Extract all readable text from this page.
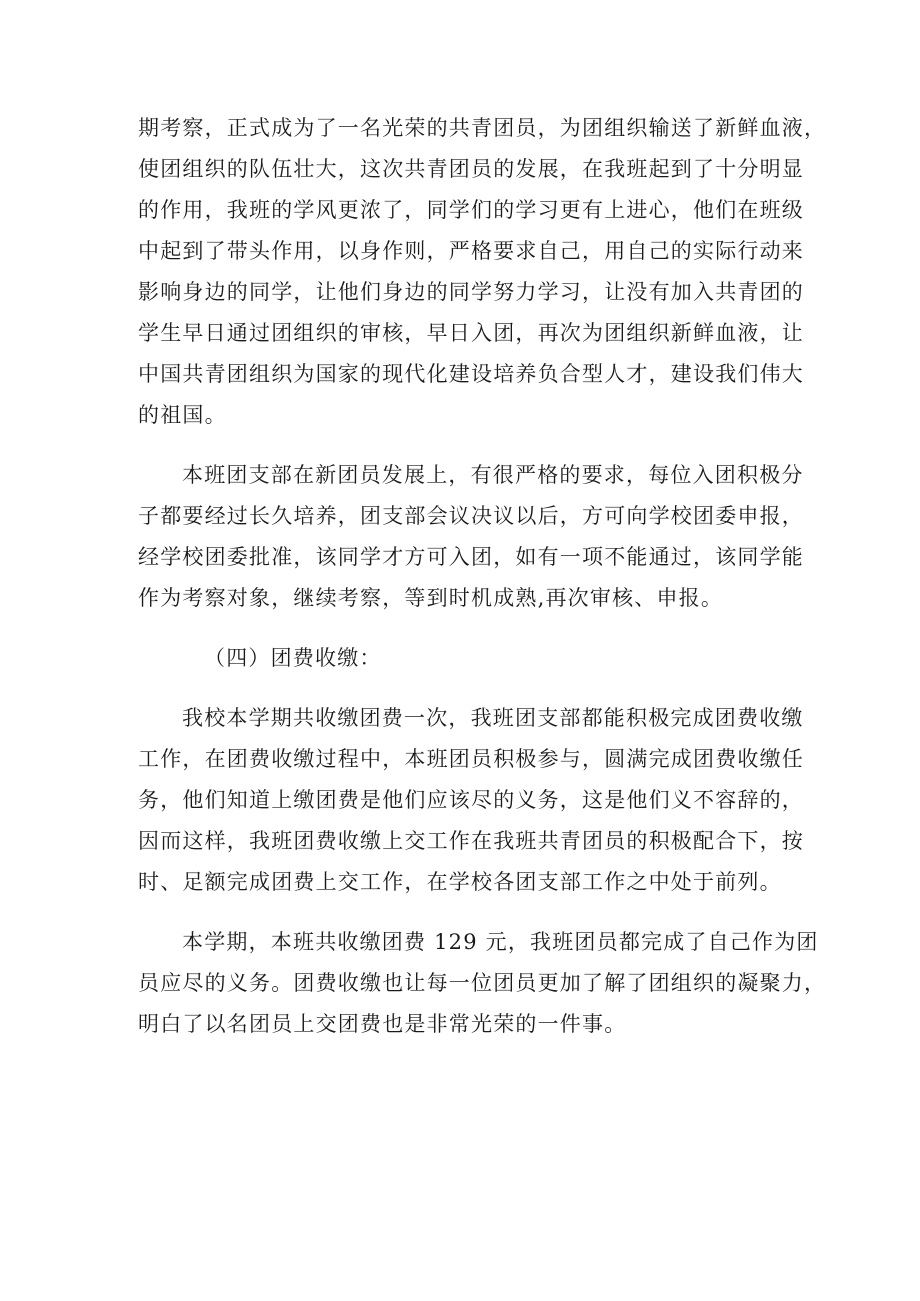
期考察，正式成为了一名光荣的共青团员，为团组织输送了新鲜血液，
使团组织的队伍壮大，这次共青团员的发展，在我班起到了十分明显
的作用，我班的学风更浓了，同学们的学习更有上进心，他们在班级
中起到了带头作用，以身作则，严格要求自己，用自己的实际行动来
影响身边的同学，让他们身边的同学努力学习，让没有加入共青团的
学生早日通过团组织的审核，早日入团，再次为团组织新鲜血液，让
中国共青团组织为国家的现代化建设培养负合型人才，建设我们伟大
的祖国。
本班团支部在新团员发展上，有很严格的要求，每位入团积极分
子都要经过长久培养，团支部会议决议以后，方可向学校团委申报，
经学校团委批准，该同学才方可入团，如有一项不能通过，该同学能
作为考察对象，继续考察，等到时机成熟,再次审核、申报。
（四）团费收缴：
我校本学期共收缴团费一次，我班团支部都能积极完成团费收缴
工作，在团费收缴过程中，本班团员积极参与，圆满完成团费收缴任
务，他们知道上缴团费是他们应该尽的义务，这是他们义不容辞的，
因而这样，我班团费收缴上交工作在我班共青团员的积极配合下，按
时、足额完成团费上交工作，在学校各团支部工作之中处于前列。
本学期，本班共收缴团费 129 元，我班团员都完成了自己作为团
员应尽的义务。团费收缴也让每一位团员更加了解了团组织的凝聚力，
明白了以名团员上交团费也是非常光荣的一件事。
